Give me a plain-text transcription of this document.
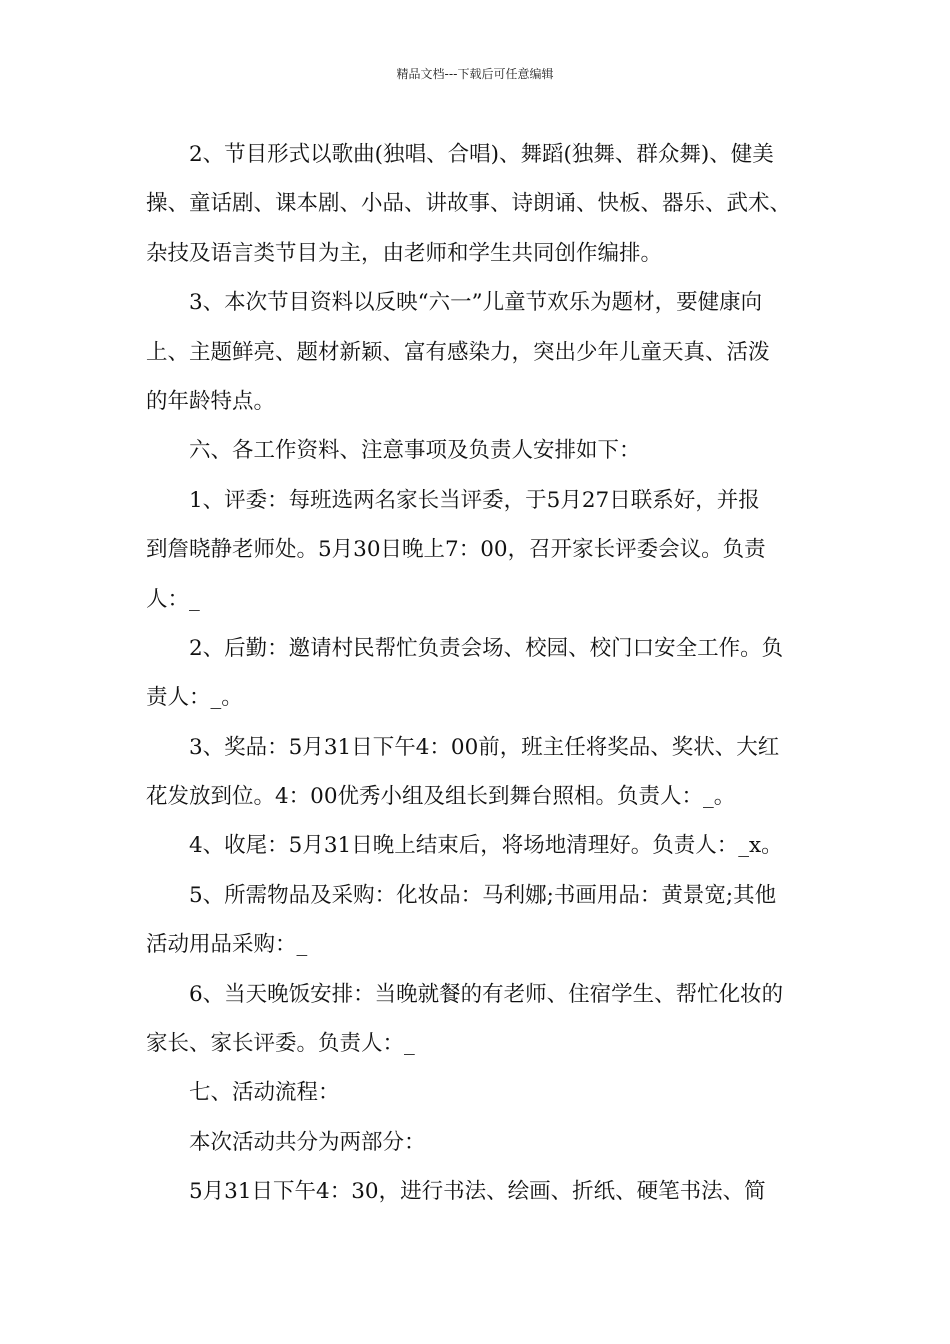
精品文档---下载后可任意编辑
2、节目形式以歌曲(独唱、合唱)、舞蹈(独舞、群众舞)、健美
操、童话剧、课本剧、小品、讲故事、诗朗诵、快板、器乐、武术、
杂技及语言类节目为主，由老师和学生共同创作编排。
3、本次节目资料以反映“六一”儿童节欢乐为题材，要健康向
上、主题鲜亮、题材新颖、富有感染力，突出少年儿童天真、活泼
的年龄特点。
六、各工作资料、注意事项及负责人安排如下：
1、评委：每班选两名家长当评委，于5月27日联系好，并报
到詹晓静老师处。5月30日晚上7：00，召开家长评委会议。负责
人：_
2、后勤：邀请村民帮忙负责会场、校园、校门口安全工作。负
责人：_。
3、奖品：5月31日下午4：00前，班主任将奖品、奖状、大红
花发放到位。4：00优秀小组及组长到舞台照相。负责人：_。
4、收尾：5月31日晚上结束后，将场地清理好。负责人：_x。
5、所需物品及采购：化妆品：马利娜;书画用品：黄景宽;其他
活动用品采购：_
6、当天晚饭安排：当晚就餐的有老师、住宿学生、帮忙化妆的
家长、家长评委。负责人：_
七、活动流程：
本次活动共分为两部分：
5月31日下午4：30，进行书法、绘画、折纸、硬笔书法、简
